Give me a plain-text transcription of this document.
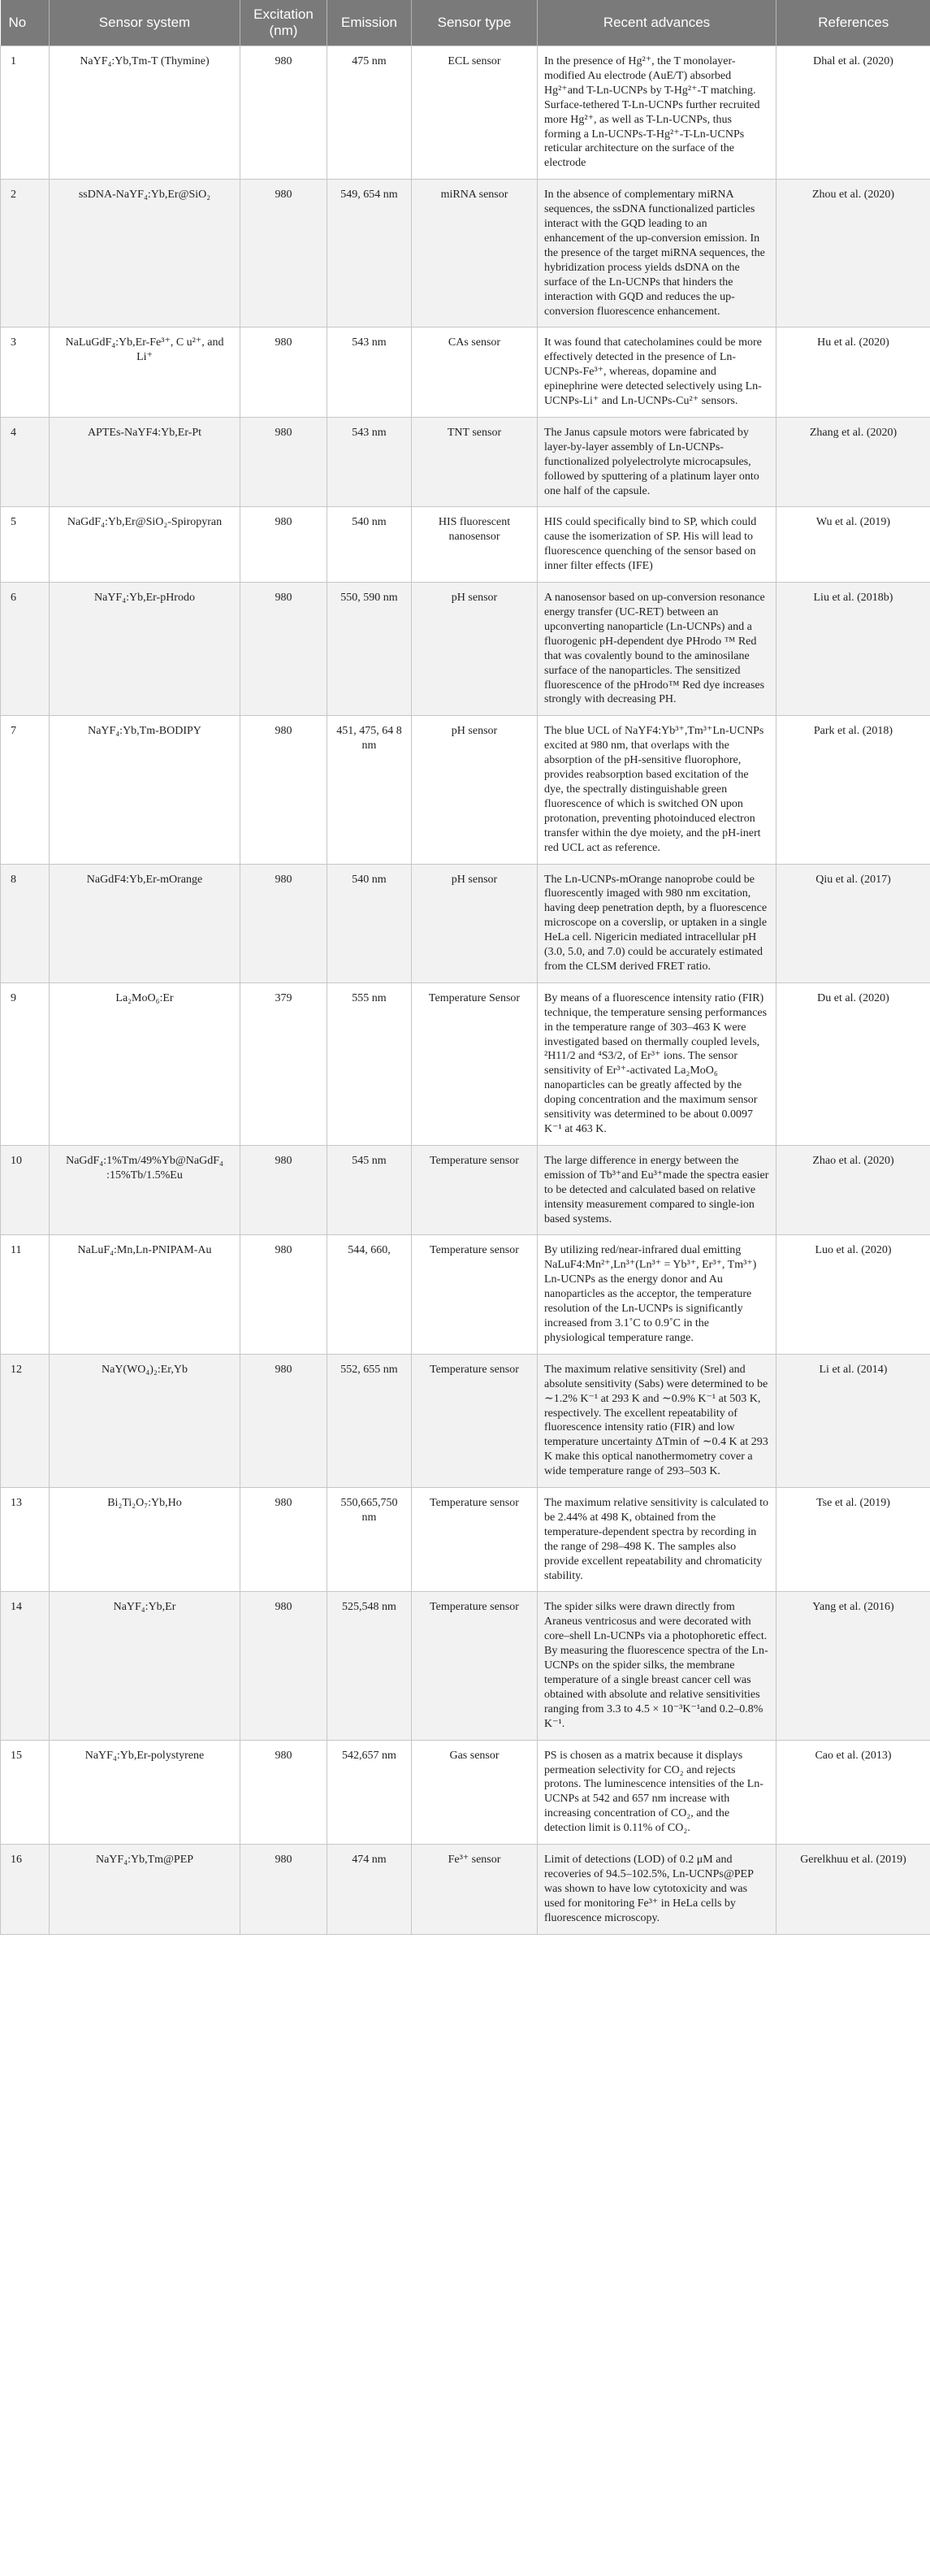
No	Sensor system	Excitation (nm)	Emission	Sensor type	Recent advances	References
1	NaYF₄:Yb,Tm-T (Thymine)	980	475 nm	ECL sensor	In the presence of Hg²⁺, the T monolayer-modified Au electrode (AuE/T) absorbed Hg²⁺and T-Ln-UCNPs by T-Hg²⁺-T matching. Surface-tethered T-Ln-UCNPs further recruited more Hg²⁺, as well as T-Ln-UCNPs, thus forming a Ln-UCNPs-T-Hg²⁺-T-Ln-UCNPs reticular architecture on the surface of the electrode	Dhal et al. (2020)
2	ssDNA-NaYF₄:Yb,Er@SiO₂	980	549, 654 nm	miRNA sensor	In the absence of complementary miRNA sequences, the ssDNA functionalized particles interact with the GQD leading to an enhancement of the up-conversion emission. In the presence of the target miRNA sequences, the hybridization process yields dsDNA on the surface of the Ln-UCNPs that hinders the interaction with GQD and reduces the up-conversion fluorescence enhancement.	Zhou et al. (2020)
3	NaLuGdF₄:Yb,Er-Fe³⁺, C u²⁺, and Li⁺	980	543 nm	CAs sensor	It was found that catecholamines could be more effectively detected in the presence of Ln-UCNPs-Fe³⁺, whereas, dopamine and epinephrine were detected selectively using Ln-UCNPs-Li⁺ and Ln-UCNPs-Cu²⁺ sensors.	Hu et al. (2020)
4	APTEs-NaYF4:Yb,Er-Pt	980	543 nm	TNT sensor	The Janus capsule motors were fabricated by layer-by-layer assembly of Ln-UCNPs-functionalized polyelectrolyte microcapsules, followed by sputtering of a platinum layer onto one half of the capsule.	Zhang et al. (2020)
5	NaGdF₄:Yb,Er@SiO₂-Spiropyran	980	540 nm	HIS fluorescent nanosensor	HIS could specifically bind to SP, which could cause the isomerization of SP. His will lead to fluorescence quenching of the sensor based on inner filter effects (IFE)	Wu et al. (2019)
6	NaYF₄:Yb,Er-pHrodo	980	550, 590 nm	pH sensor	A nanosensor based on up-conversion resonance energy transfer (UC-RET) between an upconverting nanoparticle (Ln-UCNPs) and a fluorogenic pH-dependent dye PHrodo ™ Red that was covalently bound to the aminosilane surface of the nanoparticles. The sensitized fluorescence of the pHrodo™ Red dye increases strongly with decreasing PH.	Liu et al. (2018b)
7	NaYF₄:Yb,Tm-BODIPY	980	451, 475, 64 8 nm	pH sensor	The blue UCL of NaYF4:Yb³⁺,Tm³⁺Ln-UCNPs excited at 980 nm, that overlaps with the absorption of the pH-sensitive fluorophore, provides reabsorption based excitation of the dye, the spectrally distinguishable green fluorescence of which is switched ON upon protonation, preventing photoinduced electron transfer within the dye moiety, and the pH-inert red UCL act as reference.	Park et al. (2018)
8	NaGdF4:Yb,Er-mOrange	980	540 nm	pH sensor	The Ln-UCNPs-mOrange nanoprobe could be fluorescently imaged with 980 nm excitation, having deep penetration depth, by a fluorescence microscope on a coverslip, or uptaken in a single HeLa cell. Nigericin mediated intracellular pH (3.0, 5.0, and 7.0) could be accurately estimated from the CLSM derived FRET ratio.	Qiu et al. (2017)
9	La₂MoO₆:Er	379	555 nm	Temperature Sensor	By means of a fluorescence intensity ratio (FIR) technique, the temperature sensing performances in the temperature range of 303–463 K were investigated based on thermally coupled levels, ²H11/2 and ⁴S3/2, of Er³⁺ ions. The sensor sensitivity of Er³⁺-activated La₂MoO₆ nanoparticles can be greatly affected by the doping concentration and the maximum sensor sensitivity was determined to be about 0.0097 K⁻¹ at 463 K.	Du et al. (2020)
10	NaGdF₄:1%Tm/49%Yb@NaGdF₄ :15%Tb/1.5%Eu	980	545 nm	Temperature sensor	The large difference in energy between the emission of Tb³⁺and Eu³⁺made the spectra easier to be detected and calculated based on relative intensity measurement compared to single-ion based systems.	Zhao et al. (2020)
11	NaLuF₄:Mn,Ln-PNIPAM-Au	980	544, 660,	Temperature sensor	By utilizing red/near-infrared dual emitting NaLuF4:Mn²⁺,Ln³⁺(Ln³⁺ = Yb³⁺, Er³⁺, Tm³⁺) Ln-UCNPs as the energy donor and Au nanoparticles as the acceptor, the temperature resolution of the Ln-UCNPs is significantly increased from 3.1˚C to 0.9˚C in the physiological temperature range.	Luo et al. (2020)
12	NaY(WO₄)₂:Er,Yb	980	552, 655 nm	Temperature sensor	The maximum relative sensitivity (Srel) and absolute sensitivity (Sabs) were determined to be ∼1.2% K⁻¹ at 293 K and ∼0.9% K⁻¹ at 503 K, respectively. The excellent repeatability of fluorescence intensity ratio (FIR) and low temperature uncertainty ΔTmin of ∼0.4 K at 293 K make this optical nanothermometry cover a wide temperature range of 293–503 K.	Li et al. (2014)
13	Bi₂Ti₂O₇:Yb,Ho	980	550,665,750 nm	Temperature sensor	The maximum relative sensitivity is calculated to be 2.44% at 498 K, obtained from the temperature-dependent spectra by recording in the range of 298–498 K. The samples also provide excellent repeatability and chromaticity stability.	Tse et al. (2019)
14	NaYF₄:Yb,Er	980	525,548 nm	Temperature sensor	The spider silks were drawn directly from Araneus ventricosus and were decorated with core–shell Ln-UCNPs via a photophoretic effect. By measuring the fluorescence spectra of the Ln-UCNPs on the spider silks, the membrane temperature of a single breast cancer cell was obtained with absolute and relative sensitivities ranging from 3.3 to 4.5 × 10⁻³K⁻¹and 0.2–0.8% K⁻¹.	Yang et al. (2016)
15	NaYF₄:Yb,Er-polystyrene	980	542,657 nm	Gas sensor	PS is chosen as a matrix because it displays permeation selectivity for CO₂ and rejects protons. The luminescence intensities of the Ln-UCNPs at 542 and 657 nm increase with increasing concentration of CO₂, and the detection limit is 0.11% of CO₂.	Cao et al. (2013)
16	NaYF₄:Yb,Tm@PEP	980	474 nm	Fe³⁺ sensor	Limit of detections (LOD) of 0.2 μM and recoveries of 94.5–102.5%, Ln-UCNPs@PEP was shown to have low cytotoxicity and was used for monitoring Fe³⁺ in HeLa cells by fluorescence microscopy.	Gerelkhuu et al. (2019)
